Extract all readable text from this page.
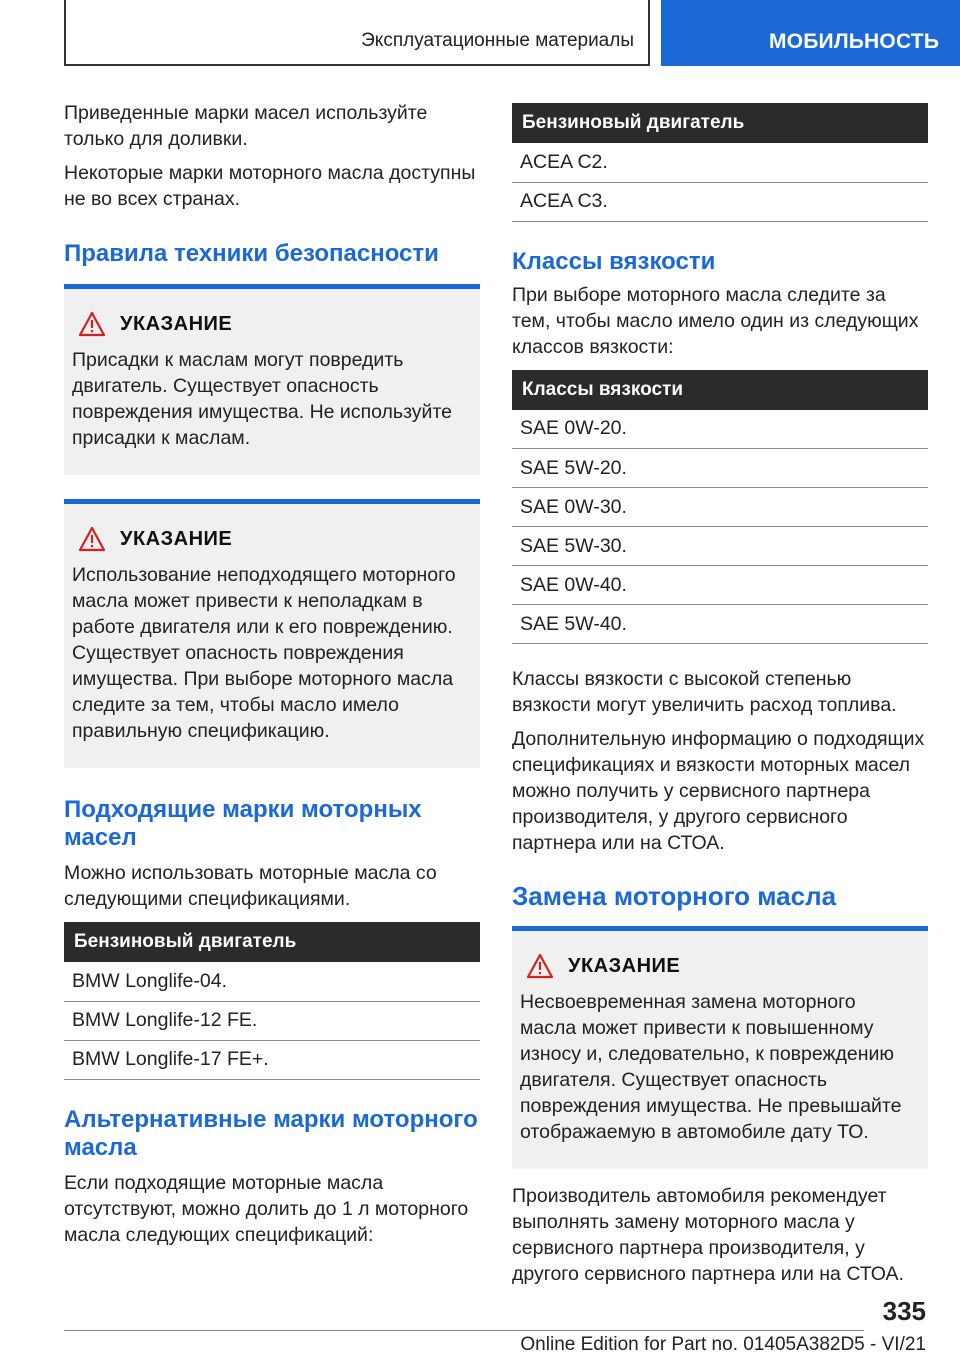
Эксплуатационные материалы	МОБИЛЬНОСТЬ

Приведенные марки масел используйте только для доливки.

Некоторые марки моторного масла доступны не во всех странах.

Правила техники безопасности
УКАЗАНИЕ
Присадки к маслам могут повредить двигатель. Существует опасность повреждения имущества. Не используйте присадки к маслам.
УКАЗАНИЕ
Использование неподходящего моторного масла может привести к неполадкам в работе двигателя или к его повреждению. Существует опасность повреждения имущества. При выборе моторного масла следите за тем, чтобы масло имело правильную спецификацию.
Подходящие марки моторных масел

Можно использовать моторные масла со следующими спецификациями.

Бензиновый двигатель
BMW Longlife-04.
BMW Longlife-12 FE.
BMW Longlife-17 FE+.
Альтернативные марки моторного масла

Если подходящие моторные масла отсутствуют, можно долить до 1 л моторного масла следующих спецификаций:

Бензиновый двигатель
ACEA C2.
ACEA C3.
Классы вязкости

При выборе моторного масла следите за тем, чтобы масло имело один из следующих классов вязкости:

Классы вязкости
SAE 0W-20.
SAE 5W-20.
SAE 0W-30.
SAE 5W-30.
SAE 0W-40.
SAE 5W-40.

Классы вязкости с высокой степенью вязкости могут увеличить расход топлива.

Дополнительную информацию о подходящих спецификациях и вязкости моторных масел можно получить у сервисного партнера производителя, у другого сервисного партнера или на СТОА.

Замена моторного масла
УКАЗАНИЕ
Несвоевременная замена моторного масла может привести к повышенному износу и, следовательно, к повреждению двигателя. Существует опасность повреждения имущества. Не превышайте отображаемую в автомобиле дату ТО.

Производитель автомобиля рекомендует выполнять замену моторного масла у сервисного партнера производителя, у другого сервисного партнера или на СТОА.

335
Online Edition for Part no. 01405A382D5 - VI/21
